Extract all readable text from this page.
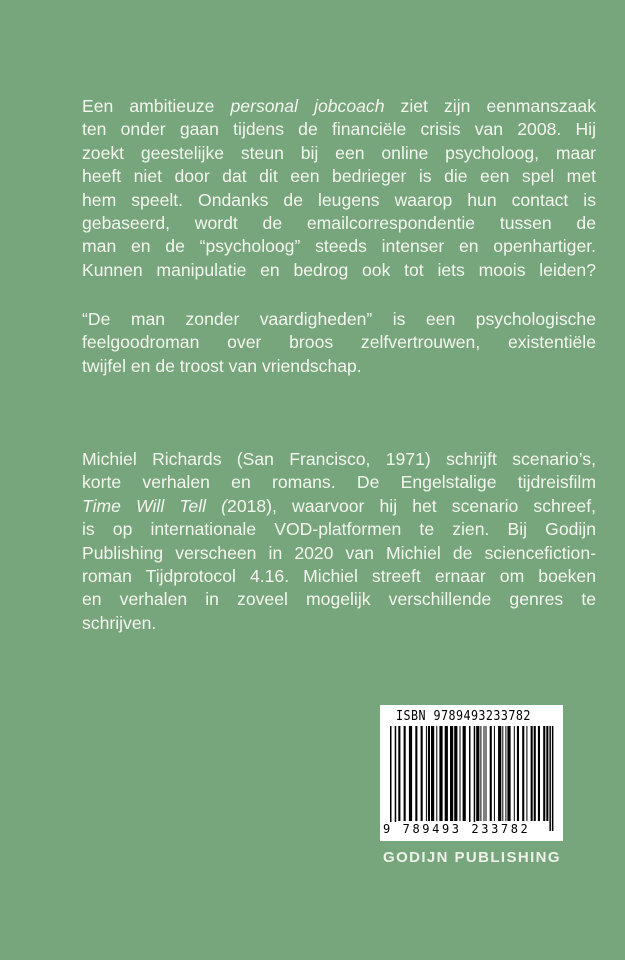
Een ambitieuze personal jobcoach ziet zijn eenmanszaak
ten onder gaan tijdens de financiële crisis van 2008. Hij
zoekt geestelijke steun bij een online psycholoog, maar
heeft niet door dat dit een bedrieger is die een spel met
hem speelt. Ondanks de leugens waarop hun contact is
gebaseerd, wordt de emailcorrespondentie tussen de
man en de “psycholoog” steeds intenser en openhartiger.
Kunnen manipulatie en bedrog ook tot iets moois leiden?
“De man zonder vaardigheden” is een psychologische
feelgoodroman over broos zelfvertrouwen, existentiële
twijfel en de troost van vriendschap.
Michiel Richards (San Francisco, 1971) schrijft scenario’s,
korte verhalen en romans. De Engelstalige tijdreisfilm
Time Will Tell (2018), waarvoor hij het scenario schreef,
is op internationale VOD-platformen te zien. Bij Godijn
Publishing verscheen in 2020 van Michiel de sciencefiction-
roman Tijdprotocol 4.16. Michiel streeft ernaar om boeken
en verhalen in zoveel mogelijk verschillende genres te
schrijven.
ISBN 9789493233782
9 789493 233782
GODIJN PUBLISHING
